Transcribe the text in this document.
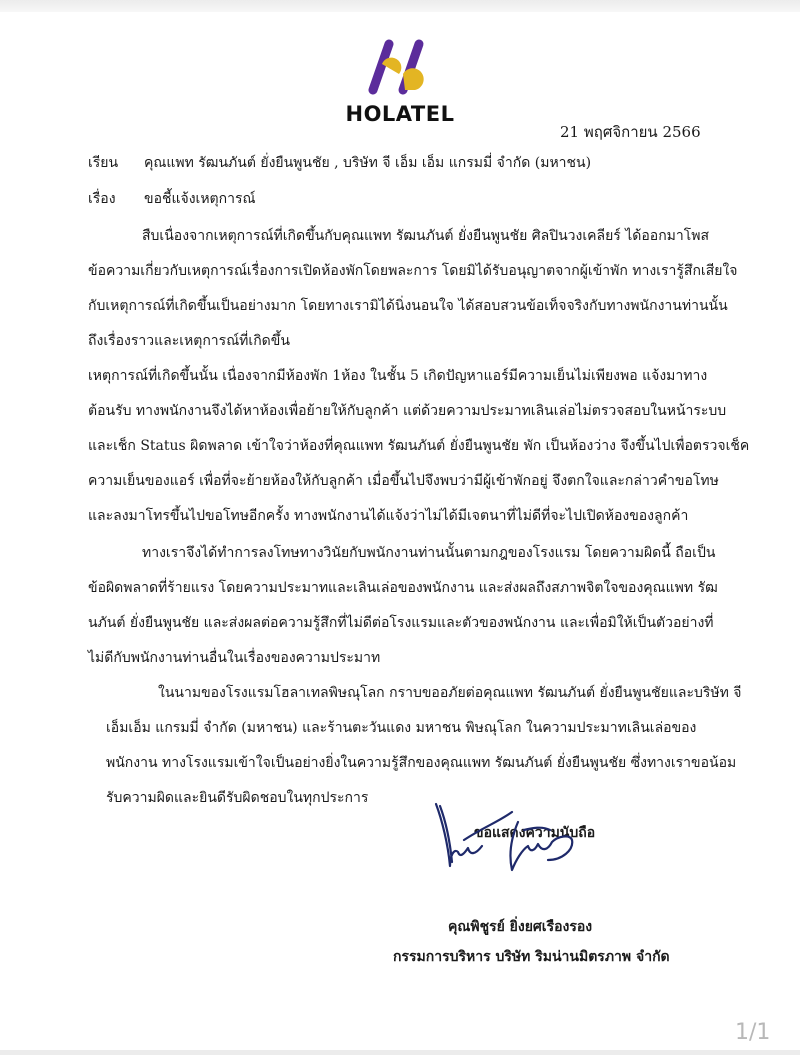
HOLATEL
21 พฤศจิกายน 2566
เรียน คุณแพท รัฒนภันต์ ยั่งยืนพูนชัย , บริษัท จี เอ็ม เอ็ม แกรมมี่ จำกัด (มหาชน)
เรื่อง ขอชี้แจ้งเหตุการณ์
สืบเนื่องจากเหตุการณ์ที่เกิดขึ้นกับคุณแพท รัฒนภันต์ ยั่งยืนพูนชัย ศิลปินวงเคลียร์ ได้ออกมาโพส
ข้อความเกี่ยวกับเหตุการณ์เรื่องการเปิดห้องพักโดยพละการ โดยมิได้รับอนุญาตจากผู้เข้าพัก ทางเรารู้สึกเสียใจ
กับเหตุการณ์ที่เกิดขึ้นเป็นอย่างมาก โดยทางเรามิได้นิ่งนอนใจ ได้สอบสวนข้อเท็จจริงกับทางพนักงานท่านนั้น
ถึงเรื่องราวและเหตุการณ์ที่เกิดขึ้น
เหตุการณ์ที่เกิดขึ้นนั้น เนื่องจากมีห้องพัก 1ห้อง ในชั้น 5 เกิดปัญหาแอร์มีความเย็นไม่เพียงพอ แจ้งมาทาง
ต้อนรับ ทางพนักงานจึงได้หาห้องเพื่อย้ายให้กับลูกค้า แต่ด้วยความประมาทเลินเล่อไม่ตรวจสอบในหน้าระบบ
และเช็ก Status ผิดพลาด เข้าใจว่าห้องที่คุณแพท รัฒนภันต์ ยั่งยืนพูนชัย พัก เป็นห้องว่าง จึงขึ้นไปเพื่อตรวจเช็ค
ความเย็นของแอร์ เพื่อที่จะย้ายห้องให้กับลูกค้า เมื่อขึ้นไปจึงพบว่ามีผู้เข้าพักอยู่ จึงตกใจและกล่าวคำขอโทษ
และลงมาโทรขึ้นไปขอโทษอีกครั้ง ทางพนักงานได้แจ้งว่าไม่ได้มีเจตนาที่ไม่ดีที่จะไปเปิดห้องของลูกค้า
ทางเราจึงได้ทำการลงโทษทางวินัยกับพนักงานท่านนั้นตามกฎของโรงแรม โดยความผิดนี้ ถือเป็น
ข้อผิดพลาดที่ร้ายแรง โดยความประมาทและเลินเล่อของพนักงาน และส่งผลถึงสภาพจิตใจของคุณแพท รัฒ
นภันต์ ยั่งยืนพูนชัย และส่งผลต่อความรู้สึกที่ไม่ดีต่อโรงแรมและตัวของพนักงาน และเพื่อมิให้เป็นตัวอย่างที่
ไม่ดีกับพนักงานท่านอื่นในเรื่องของความประมาท
ในนามของโรงแรมโฮลาเทลพิษณุโลก กราบขออภัยต่อคุณแพท รัฒนภันต์ ยั่งยืนพูนชัยและบริษัท จี
เอ็มเอ็ม แกรมมี่ จำกัด (มหาชน) และร้านตะวันแดง มหาชน พิษณุโลก ในความประมาทเลินเล่อของ
พนักงาน ทางโรงแรมเข้าใจเป็นอย่างยิ่งในความรู้สึกของคุณแพท รัฒนภันต์ ยั่งยืนพูนชัย ซึ่งทางเราขอน้อม
รับความผิดและยินดีรับผิดชอบในทุกประการ
ขอแสดงความนับถือ
คุณพิชูรย์ ยิ่งยศเรืองรอง
กรรมการบริหาร บริษัท ริมน่านมิตรภาพ จำกัด
1/1
